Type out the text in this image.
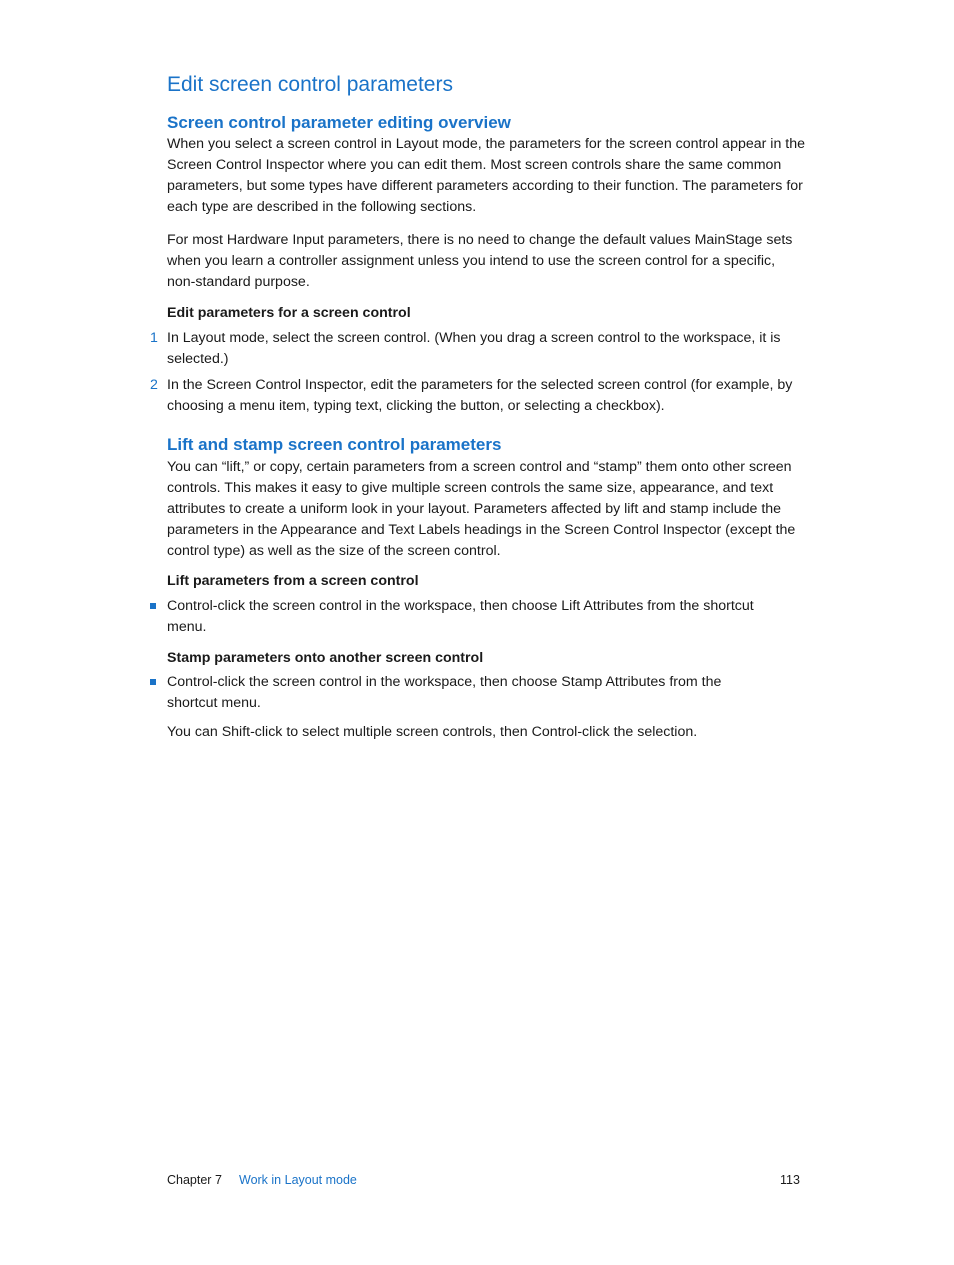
Edit screen control parameters
Screen control parameter editing overview

When you select a screen control in Layout mode, the parameters for the screen control appear in the Screen Control Inspector where you can edit them. Most screen controls share the same common parameters, but some types have different parameters according to their function. The parameters for each type are described in the following sections.

For most Hardware Input parameters, there is no need to change the default values MainStage sets when you learn a controller assignment unless you intend to use the screen control for a specific, non-standard purpose.

Edit parameters for a screen control
1 In Layout mode, select the screen control. (When you drag a screen control to the workspace, it is selected.)
2 In the Screen Control Inspector, edit the parameters for the selected screen control (for example, by choosing a menu item, typing text, clicking the button, or selecting a checkbox).
Lift and stamp screen control parameters

You can “lift,” or copy, certain parameters from a screen control and “stamp” them onto other screen controls. This makes it easy to give multiple screen controls the same size, appearance, and text attributes to create a uniform look in your layout. Parameters affected by lift and stamp include the parameters in the Appearance and Text Labels headings in the Screen Control Inspector (except the control type) as well as the size of the screen control.

Lift parameters from a screen control
Control-click the screen control in the workspace, then choose Lift Attributes from the shortcut menu.
Stamp parameters onto another screen control
Control-click the screen control in the workspace, then choose Stamp Attributes from the shortcut menu.

You can Shift-click to select multiple screen controls, then Control-click the selection.

Chapter 7 Work in Layout mode	113
